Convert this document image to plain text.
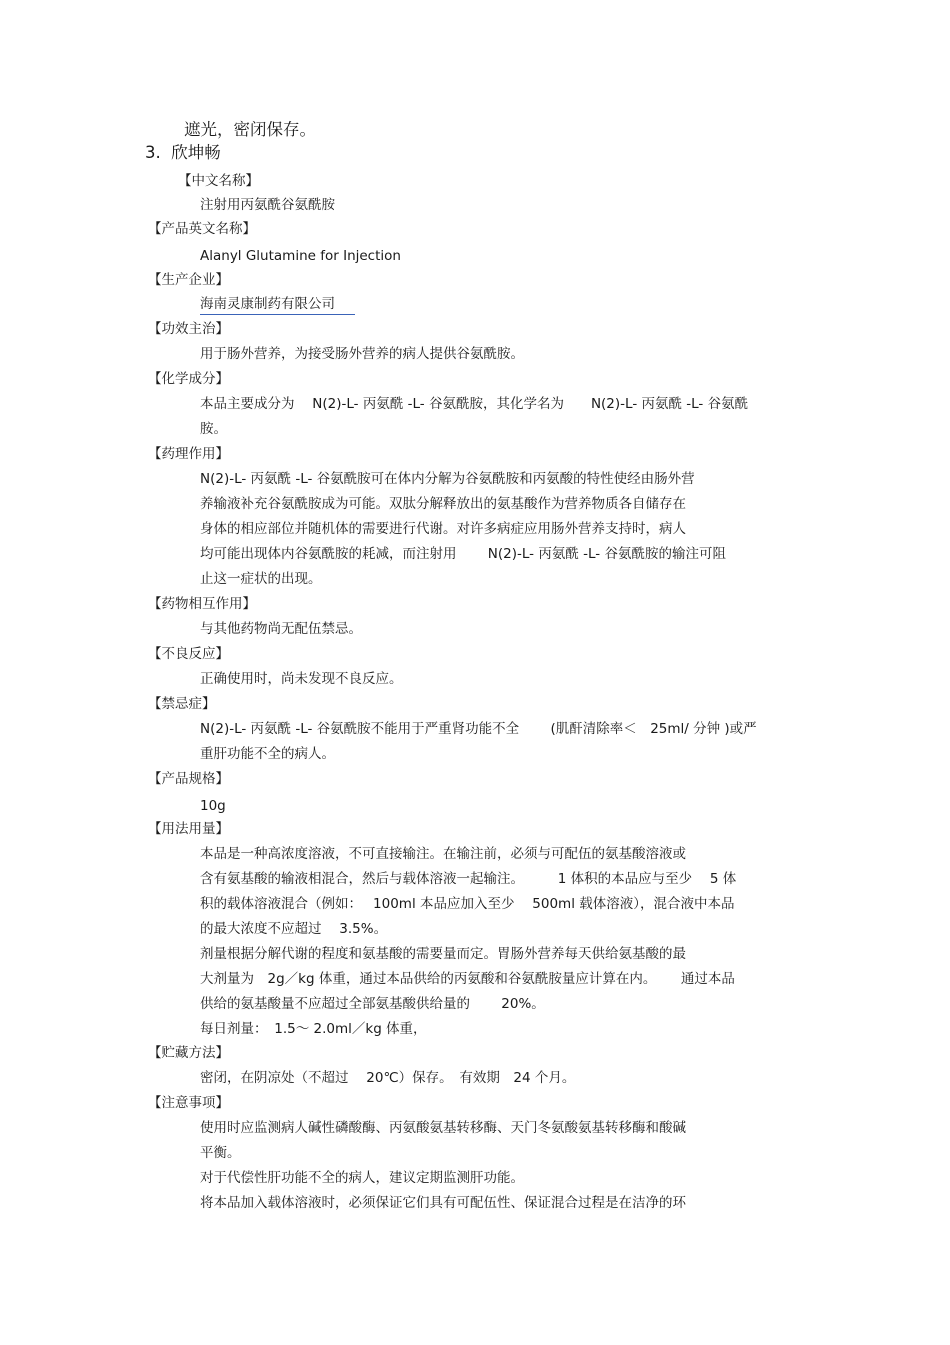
遮光，密闭保存。
3. 欣坤畅
【中文名称】
注射用丙氨酰谷氨酰胺
【产品英文名称】
Alanyl Glutamine for Injection
【生产企业】
海南灵康制药有限公司
【功效主治】
用于肠外营养，为接受肠外营养的病人提供谷氨酰胺。
【化学成分】
本品主要成分为　 N(2)-L- 丙氨酰 -L- 谷氨酰胺，其化学名为　　N(2)-L- 丙氨酰 -L- 谷氨酰
胺。
【药理作用】
N(2)-L- 丙氨酰 -L- 谷氨酰胺可在体内分解为谷氨酰胺和丙氨酸的特性使经由肠外营
养输液补充谷氨酰胺成为可能。双肽分解释放出的氨基酸作为营养物质各自储存在
身体的相应部位并随机体的需要进行代谢。对许多病症应用肠外营养支持时，病人
均可能出现体内谷氨酰胺的耗减，而注射用　　 N(2)-L- 丙氨酰 -L- 谷氨酰胺的输注可阻
止这一症状的出现。
【药物相互作用】
与其他药物尚无配伍禁忌。
【不良反应】
正确使用时，尚未发现不良反应。
【禁忌症】
N(2)-L- 丙氨酰 -L- 谷氨酰胺不能用于严重肾功能不全　　 (肌酐清除率＜　25ml/ 分钟 )或严
重肝功能不全的病人。
【产品规格】
10g
【用法用量】
本品是一种高浓度溶液，不可直接输注。在输注前，必须与可配伍的氨基酸溶液或
含有氨基酸的输液相混合，然后与载体溶液一起输注。　　　1 体积的本品应与至少　 5 体
积的载体溶液混合（例如：　 100ml 本品应加入至少　 500ml 载体溶液），混合液中本品
的最大浓度不应超过　 3.5%。
剂量根据分解代谢的程度和氨基酸的需要量而定。胃肠外营养每天供给氨基酸的最
大剂量为　2g／kg 体重，通过本品供给的丙氨酸和谷氨酰胺量应计算在内。　　 通过本品
供给的氨基酸量不应超过全部氨基酸供给量的　　 20%。
每日剂量：　1.5～ 2.0ml／kg 体重，
【贮藏方法】
密闭，在阴凉处（不超过　 20℃）保存。　有效期　24 个月。
【注意事项】
使用时应监测病人碱性磷酸酶、丙氨酸氨基转移酶、天门冬氨酸氨基转移酶和酸碱
平衡。
对于代偿性肝功能不全的病人，建议定期监测肝功能。
将本品加入载体溶液时，必须保证它们具有可配伍性、保证混合过程是在洁净的环
